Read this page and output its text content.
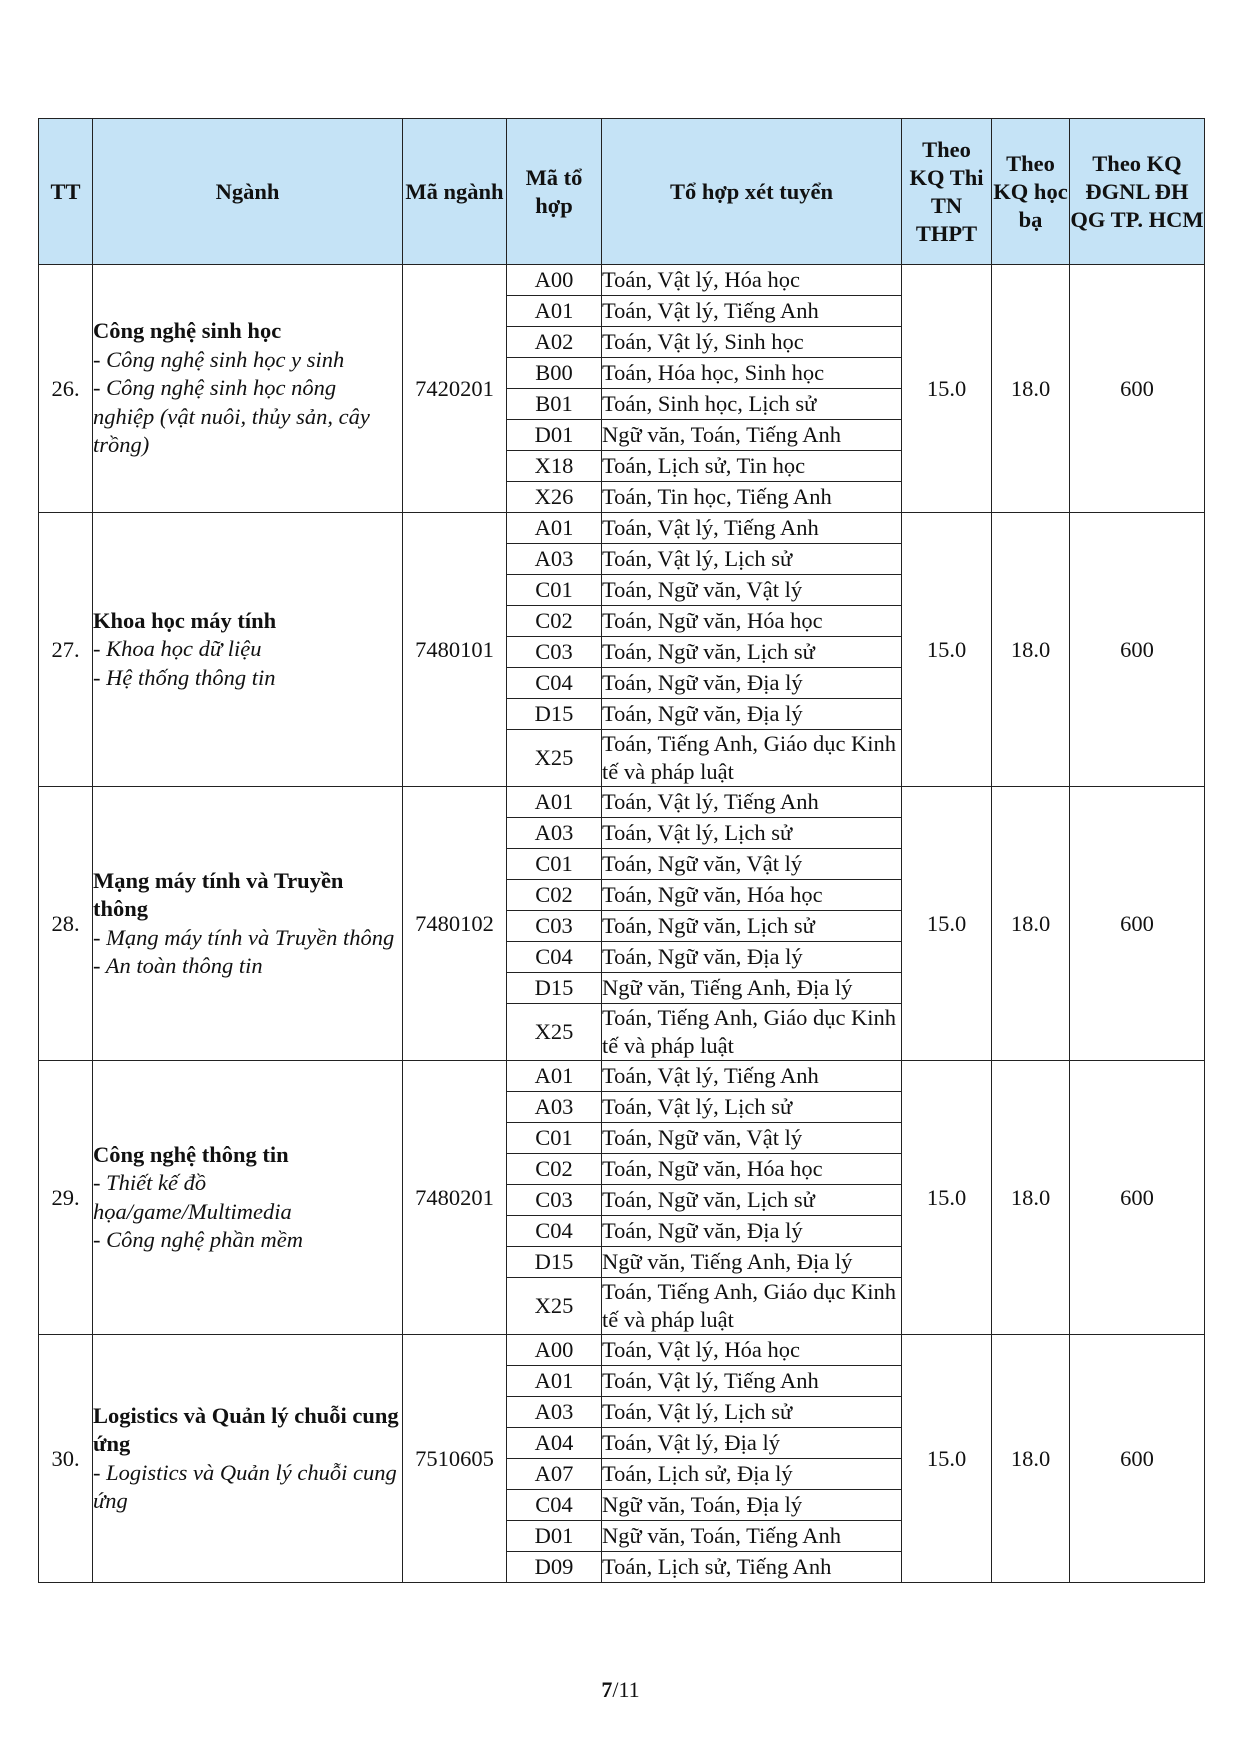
TT	Ngành	Mã ngành	Mã tổ hợp	Tổ hợp xét tuyển	Theo KQ Thi TN THPT	Theo KQ học bạ	Theo KQ ĐGNL ĐH QG TP. HCM
26.	Công nghệ sinh học
- Công nghệ sinh học y sinh
- Công nghệ sinh học nông nghiệp (vật nuôi, thủy sản, cây trồng)	7420201	A00	Toán, Vật lý, Hóa học	15.0	18.0	600
			A01	Toán, Vật lý, Tiếng Anh			
			A02	Toán, Vật lý, Sinh học			
			B00	Toán, Hóa học, Sinh học			
			B01	Toán, Sinh học, Lịch sử			
			D01	Ngữ văn, Toán, Tiếng Anh			
			X18	Toán, Lịch sử, Tin học			
			X26	Toán, Tin học, Tiếng Anh			
27.	Khoa học máy tính
- Khoa học dữ liệu
- Hệ thống thông tin	7480101	A01	Toán, Vật lý, Tiếng Anh	15.0	18.0	600
			A03	Toán, Vật lý, Lịch sử			
			C01	Toán, Ngữ văn, Vật lý			
			C02	Toán, Ngữ văn, Hóa học			
			C03	Toán, Ngữ văn, Lịch sử			
			C04	Toán, Ngữ văn, Địa lý			
			D15	Toán, Ngữ văn, Địa lý			
			X25	Toán, Tiếng Anh, Giáo dục Kinh tế và pháp luật			
28.	Mạng máy tính và Truyền thông
- Mạng máy tính và Truyền thông
- An toàn thông tin	7480102	A01	Toán, Vật lý, Tiếng Anh	15.0	18.0	600
			A03	Toán, Vật lý, Lịch sử			
			C01	Toán, Ngữ văn, Vật lý			
			C02	Toán, Ngữ văn, Hóa học			
			C03	Toán, Ngữ văn, Lịch sử			
			C04	Toán, Ngữ văn, Địa lý			
			D15	Ngữ văn, Tiếng Anh, Địa lý			
			X25	Toán, Tiếng Anh, Giáo dục Kinh tế và pháp luật			
29.	Công nghệ thông tin
- Thiết kế đồ họa/game/Multimedia
- Công nghệ phần mềm	7480201	A01	Toán, Vật lý, Tiếng Anh	15.0	18.0	600
			A03	Toán, Vật lý, Lịch sử			
			C01	Toán, Ngữ văn, Vật lý			
			C02	Toán, Ngữ văn, Hóa học			
			C03	Toán, Ngữ văn, Lịch sử			
			C04	Toán, Ngữ văn, Địa lý			
			D15	Ngữ văn, Tiếng Anh, Địa lý			
			X25	Toán, Tiếng Anh, Giáo dục Kinh tế và pháp luật			
30.	Logistics và Quản lý chuỗi cung ứng
- Logistics và Quản lý chuỗi cung ứng	7510605	A00	Toán, Vật lý, Hóa học	15.0	18.0	600
			A01	Toán, Vật lý, Tiếng Anh			
			A03	Toán, Vật lý, Lịch sử			
			A04	Toán, Vật lý, Địa lý			
			A07	Toán, Lịch sử, Địa lý			
			C04	Ngữ văn, Toán, Địa lý			
			D01	Ngữ văn, Toán, Tiếng Anh			
			D09	Toán, Lịch sử, Tiếng Anh			
7/11
